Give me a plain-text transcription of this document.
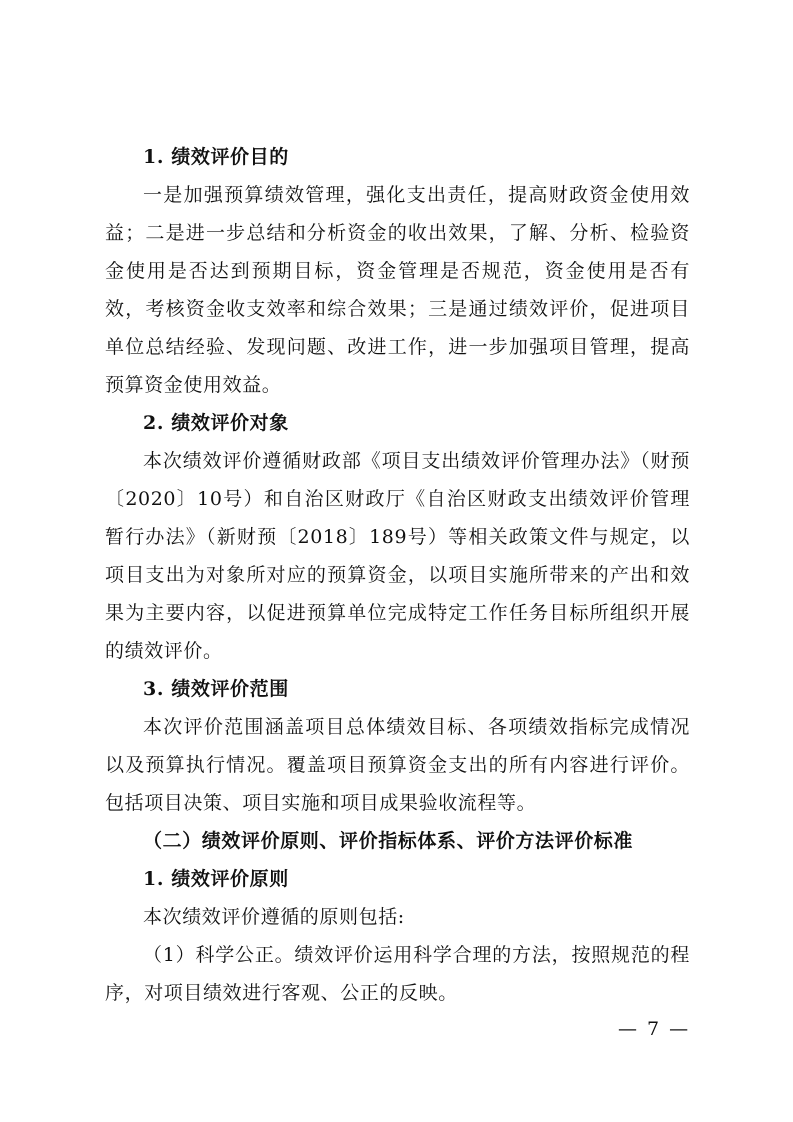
1. 绩效评价目的

一是加强预算绩效管理，强化支出责任，提高财政资金使用效益；二是进一步总结和分析资金的收出效果，了解、分析、检验资金使用是否达到预期目标，资金管理是否规范，资金使用是否有效，考核资金收支效率和综合效果；三是通过绩效评价，促进项目单位总结经验、发现问题、改进工作，进一步加强项目管理，提高预算资金使用效益。

2. 绩效评价对象

本次绩效评价遵循财政部《项目支出绩效评价管理办法》（财预〔2020〕10号）和自治区财政厅《自治区财政支出绩效评价管理暂行办法》（新财预〔2018〕189号）等相关政策文件与规定，以项目支出为对象所对应的预算资金，以项目实施所带来的产出和效果为主要内容，以促进预算单位完成特定工作任务目标所组织开展的绩效评价。

3. 绩效评价范围

本次评价范围涵盖项目总体绩效目标、各项绩效指标完成情况以及预算执行情况。覆盖项目预算资金支出的所有内容进行评价。包括项目决策、项目实施和项目成果验收流程等。

（二）绩效评价原则、评价指标体系、评价方法评价标准

1. 绩效评价原则

本次绩效评价遵循的原则包括:

（1）科学公正。绩效评价运用科学合理的方法，按照规范的程序，对项目绩效进行客观、公正的反映。

— 7 —
